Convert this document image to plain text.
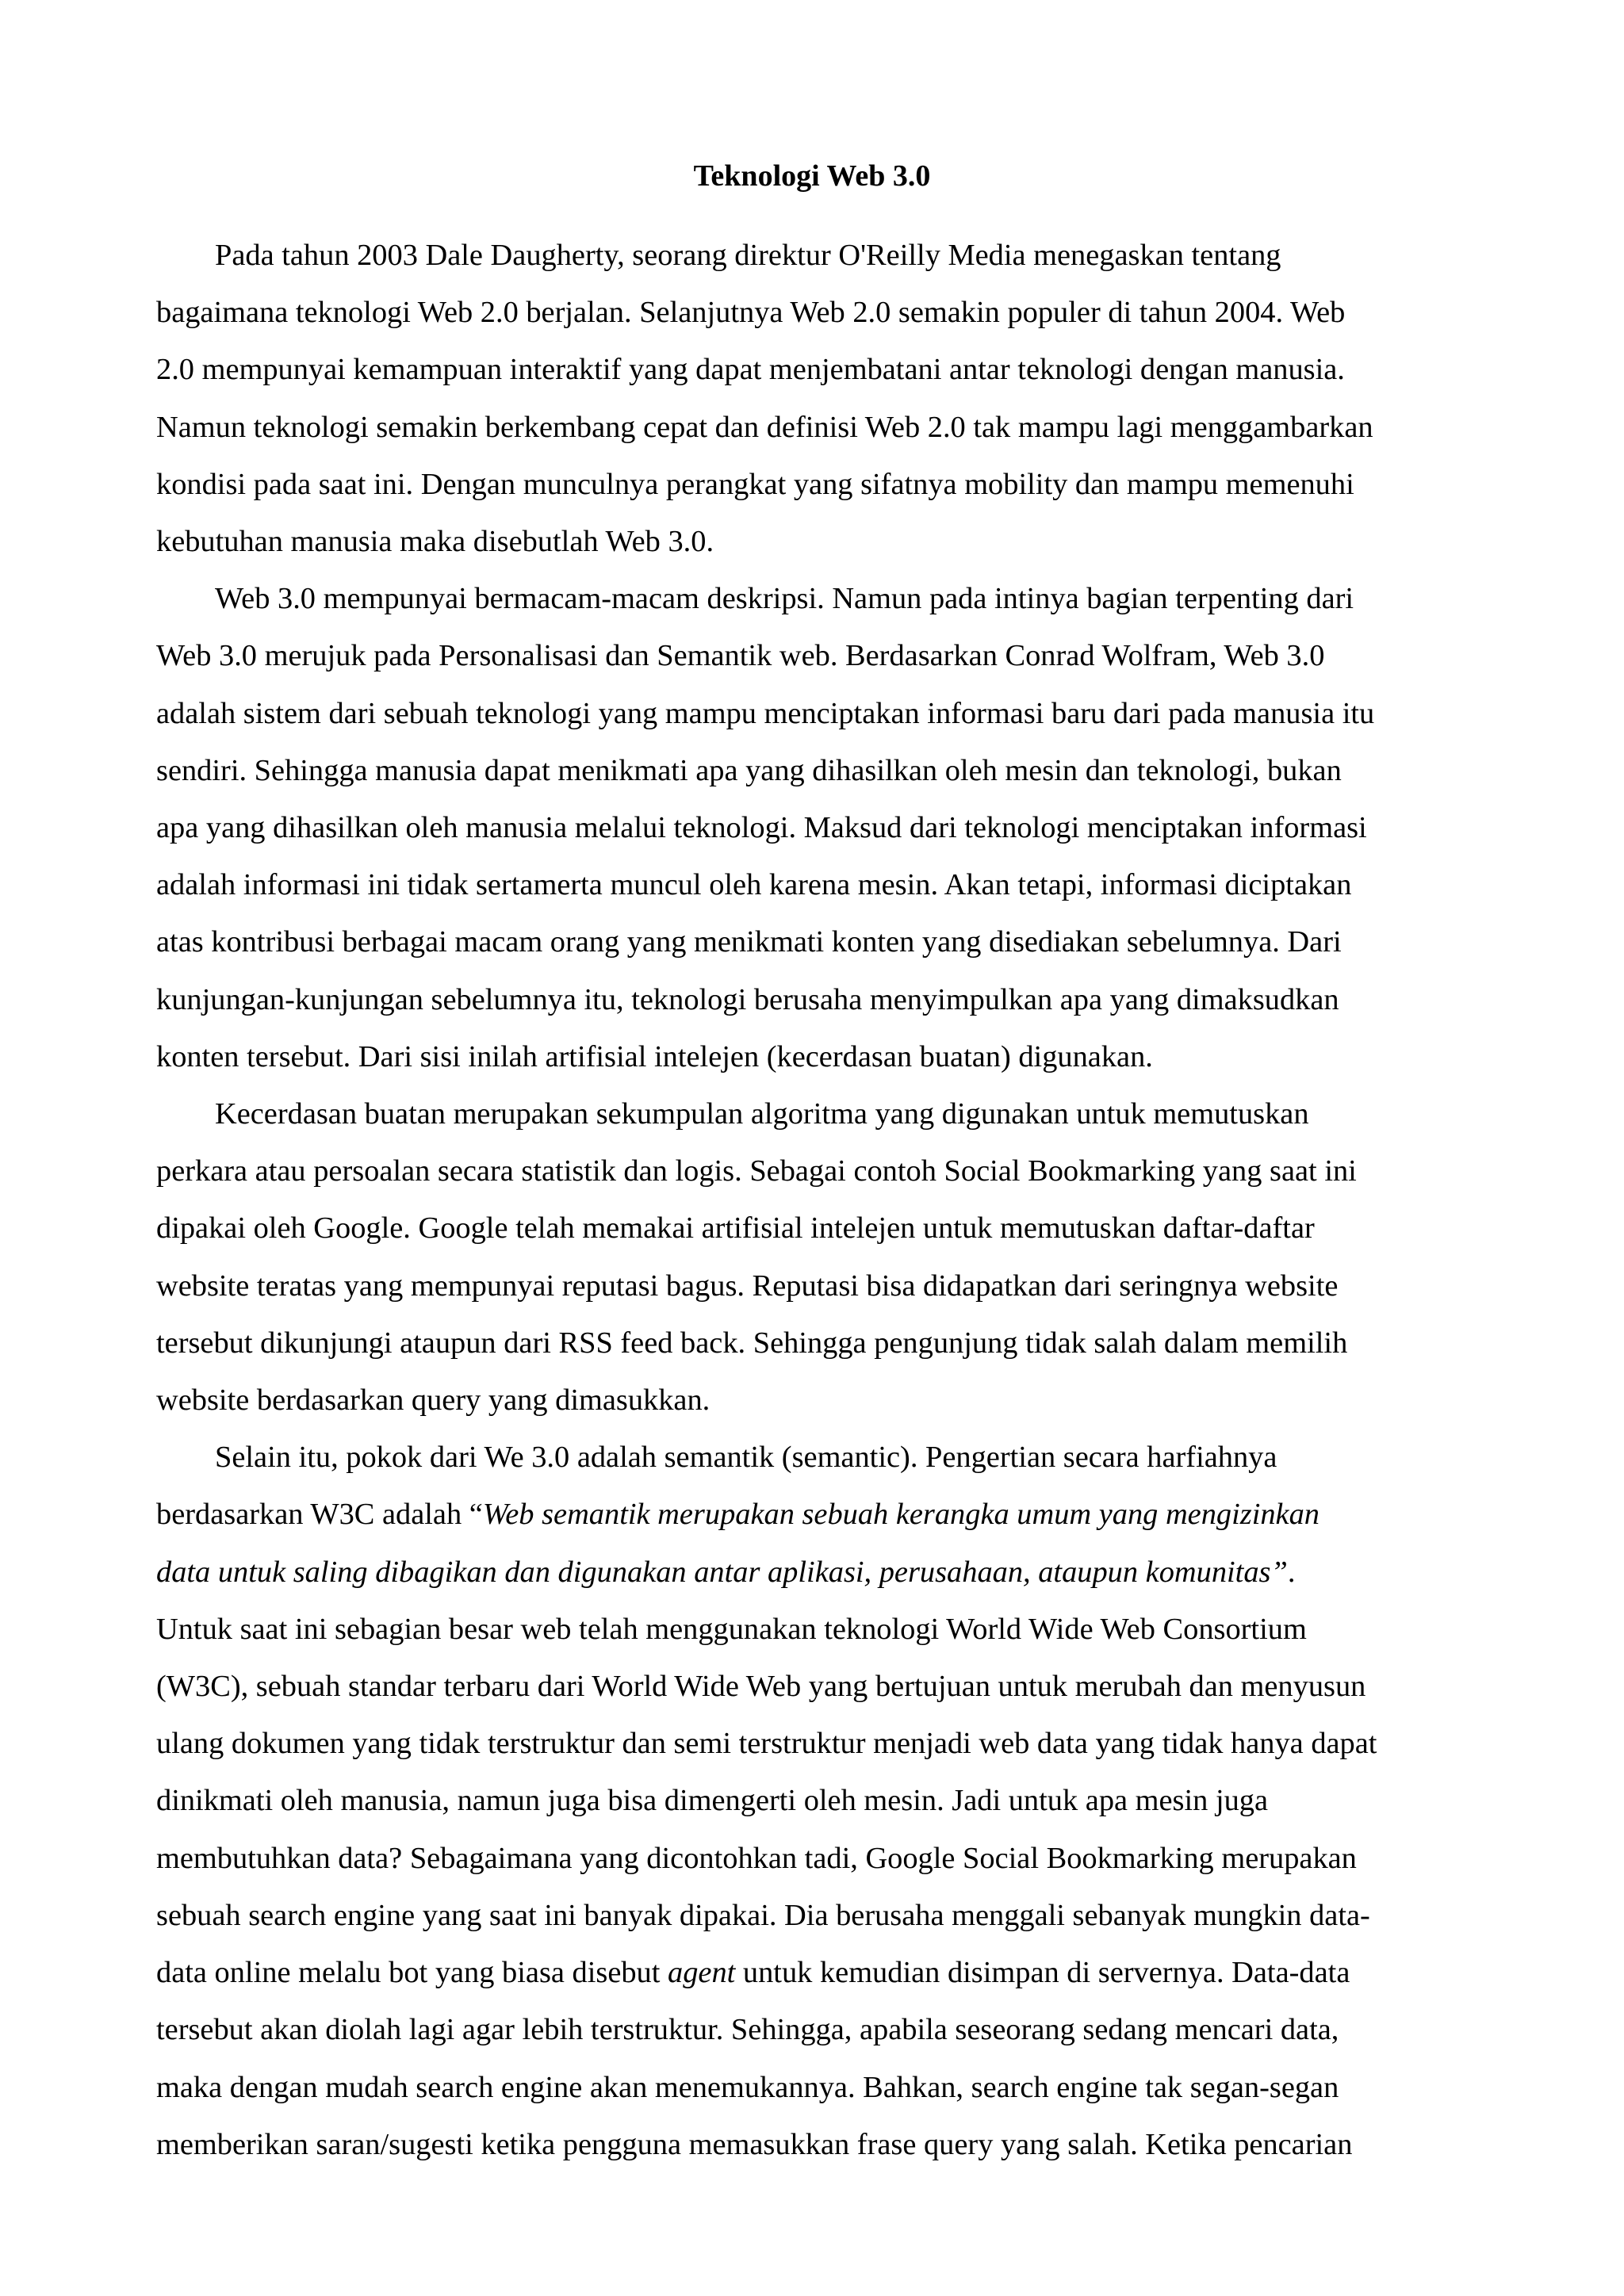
Teknologi Web 3.0

Pada tahun 2003 Dale Daugherty, seorang direktur O'Reilly Media menegaskan tentang
bagaimana teknologi Web 2.0 berjalan. Selanjutnya Web 2.0 semakin populer di tahun 2004. Web
2.0 mempunyai kemampuan interaktif yang dapat menjembatani antar teknologi dengan manusia.
Namun teknologi semakin berkembang cepat dan definisi Web 2.0 tak mampu lagi menggambarkan
kondisi pada saat ini. Dengan munculnya perangkat yang sifatnya mobility dan mampu memenuhi
kebutuhan manusia maka disebutlah Web 3.0.

Web 3.0 mempunyai bermacam-macam deskripsi. Namun pada intinya bagian terpenting dari
Web 3.0 merujuk pada Personalisasi dan Semantik web. Berdasarkan Conrad Wolfram, Web 3.0
adalah sistem dari sebuah teknologi yang mampu menciptakan informasi baru dari pada manusia itu
sendiri. Sehingga manusia dapat menikmati apa yang dihasilkan oleh mesin dan teknologi, bukan
apa yang dihasilkan oleh manusia melalui teknologi. Maksud dari teknologi menciptakan informasi
adalah informasi ini tidak sertamerta muncul oleh karena mesin. Akan tetapi, informasi diciptakan
atas kontribusi berbagai macam orang yang menikmati konten yang disediakan sebelumnya. Dari
kunjungan-kunjungan sebelumnya itu, teknologi berusaha menyimpulkan apa yang dimaksudkan
konten tersebut. Dari sisi inilah artifisial intelejen (kecerdasan buatan) digunakan.

Kecerdasan buatan merupakan sekumpulan algoritma yang digunakan untuk memutuskan
perkara atau persoalan secara statistik dan logis. Sebagai contoh Social Bookmarking yang saat ini
dipakai oleh Google. Google telah memakai artifisial intelejen untuk memutuskan daftar-daftar
website teratas yang mempunyai reputasi bagus. Reputasi bisa didapatkan dari seringnya website
tersebut dikunjungi ataupun dari RSS feed back. Sehingga pengunjung tidak salah dalam memilih
website berdasarkan query yang dimasukkan.

Selain itu, pokok dari We 3.0 adalah semantik (semantic). Pengertian secara harfiahnya
berdasarkan W3C adalah “Web semantik merupakan sebuah kerangka umum yang mengizinkan
data untuk saling dibagikan dan digunakan antar aplikasi, perusahaan, ataupun komunitas”.
Untuk saat ini sebagian besar web telah menggunakan teknologi World Wide Web Consortium
(W3C), sebuah standar terbaru dari World Wide Web yang bertujuan untuk merubah dan menyusun
ulang dokumen yang tidak terstruktur dan semi terstruktur menjadi web data yang tidak hanya dapat
dinikmati oleh manusia, namun juga bisa dimengerti oleh mesin. Jadi untuk apa mesin juga
membutuhkan data? Sebagaimana yang dicontohkan tadi, Google Social Bookmarking merupakan
sebuah search engine yang saat ini banyak dipakai. Dia berusaha menggali sebanyak mungkin data-
data online melalu bot yang biasa disebut agent untuk kemudian disimpan di servernya. Data-data
tersebut akan diolah lagi agar lebih terstruktur. Sehingga, apabila seseorang sedang mencari data,
maka dengan mudah search engine akan menemukannya. Bahkan, search engine tak segan-segan
memberikan saran/sugesti ketika pengguna memasukkan frase query yang salah. Ketika pencarian
